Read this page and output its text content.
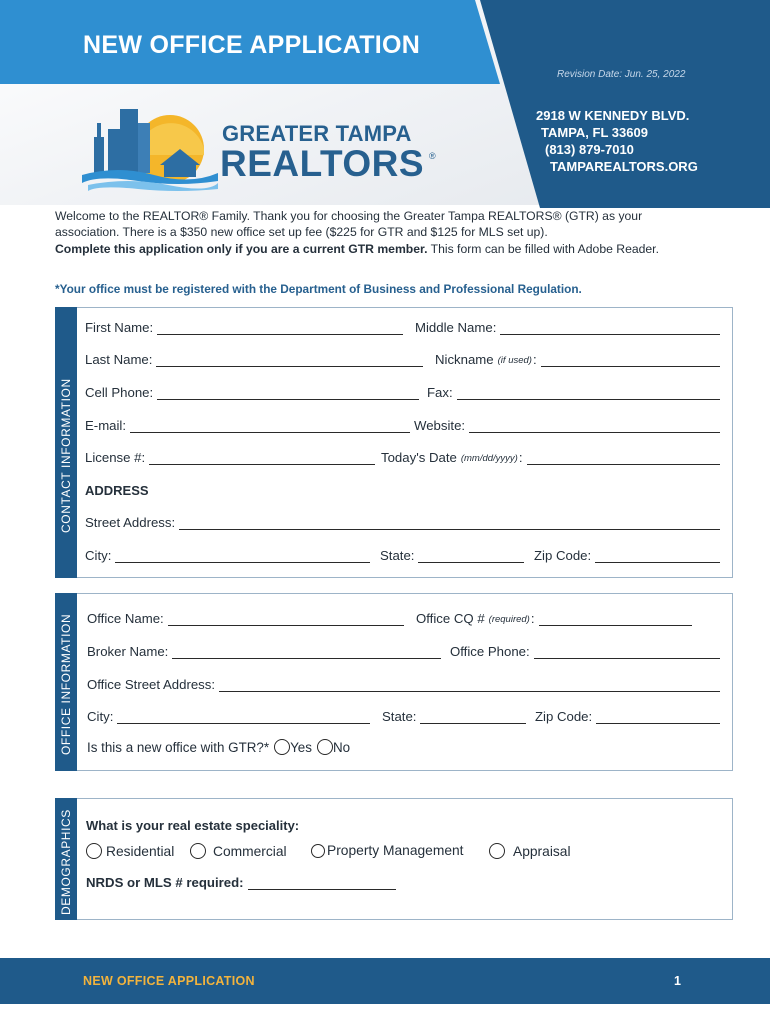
NEW OFFICE APPLICATION
Revision Date: Jun. 25, 2022
2918 W KENNEDY BLVD.
TAMPA, FL 33609
(813) 879-7010
TAMPAREALTORS.ORG
GREATER TAMPA
REALTORS ®

Welcome to the REALTOR® Family. Thank you for choosing the Greater Tampa REALTORS® (GTR) as your association. There is a $350 new office set up fee ($225 for GTR and $125 for MLS set up).

Complete this application only if you are a current GTR member. This form can be filled with Adobe Reader.

*Your office must be registered with the Department of Business and Professional Regulation.
CONTACT INFORMATION
First Name:	Middle Name:
Last Name:	Nickname (if used) :
Cell Phone:	Fax:
E-mail:	Website:
License #:	Today's Date (mm/dd/yyyy) :
ADDRESS
Street Address:
City:	State:	Zip Code:
OFFICE INFORMATION Office Name:	Office CQ # (required) :
Broker Name:	Office Phone:
Office Street Address:
City:	State:	Zip Code:
Is this a new office with GTR?* Yes No
DEMOGRAPHICS What is your real estate speciality:
Residential	Commercial	Property Management	Appraisal
NRDS or MLS # required:
NEW OFFICE APPLICATION	1
